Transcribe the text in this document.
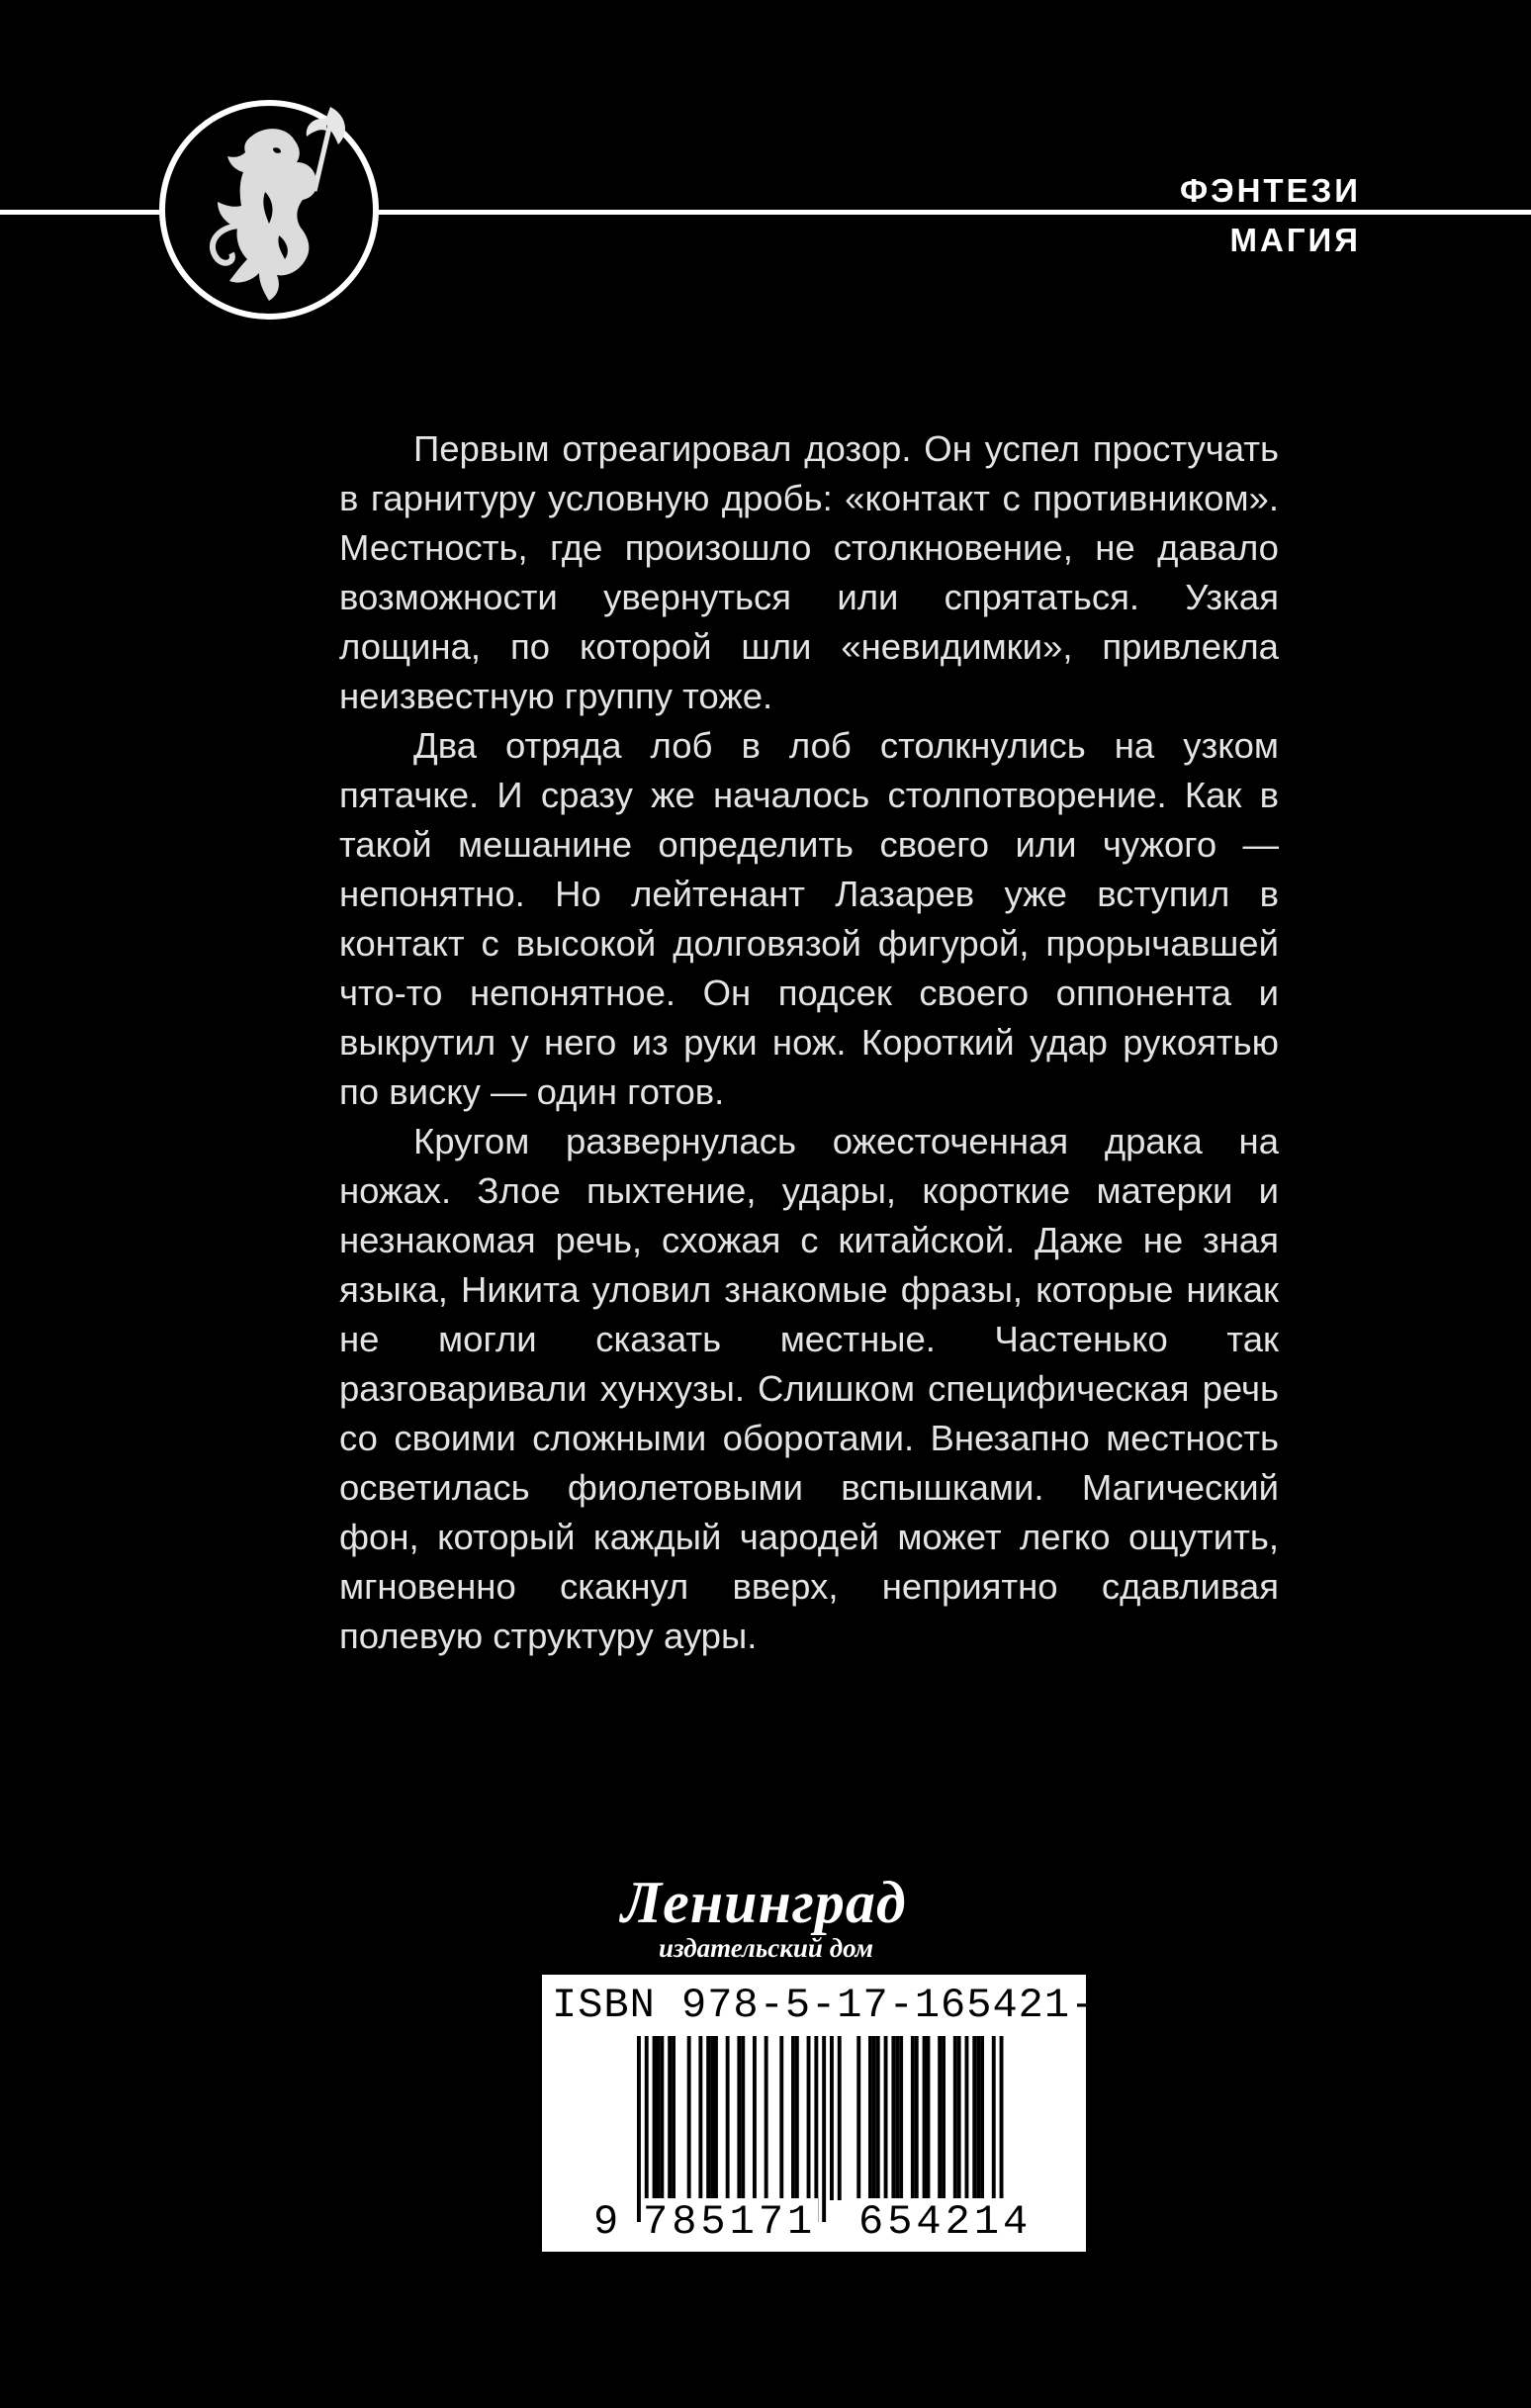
ФЭНТЕЗИ
МАГИЯ

Первым отреагировал дозор. Он успел простучать в гарнитуру условную дробь: «контакт с противником». Местность, где произошло столкновение, не давало возможности увернуться или спрятаться. Узкая лощина, по которой шли «невидимки», привлекла неизвестную группу тоже.

Два отряда лоб в лоб столкнулись на узком пятачке. И сразу же началось столпотворение. Как в такой мешанине определить своего или чужого — непонятно. Но лейтенант Лазарев уже вступил в контакт с высокой долговязой фигурой, прорычавшей что-то непонятное. Он подсек своего оппонента и выкрутил у него из руки нож. Короткий удар рукоятью по виску — один готов.

Кругом развернулась ожесточенная драка на ножах. Злое пыхтение, удары, короткие матерки и незнакомая речь, схожая с китайской. Даже не зная языка, Никита уловил знакомые фразы, которые никак не могли сказать местные. Частенько так разговаривали хунхузы. Слишком специфическая речь со своими сложными оборотами. Внезапно местность осветилась фиолетовыми вспышками. Магический фон, который каждый чародей может легко ощутить, мгновенно скакнул вверх, неприятно сдавливая полевую структуру ауры.

Ленинград
издательский дом
ISBN 978-5-17-165421-4
9 785171 654214
